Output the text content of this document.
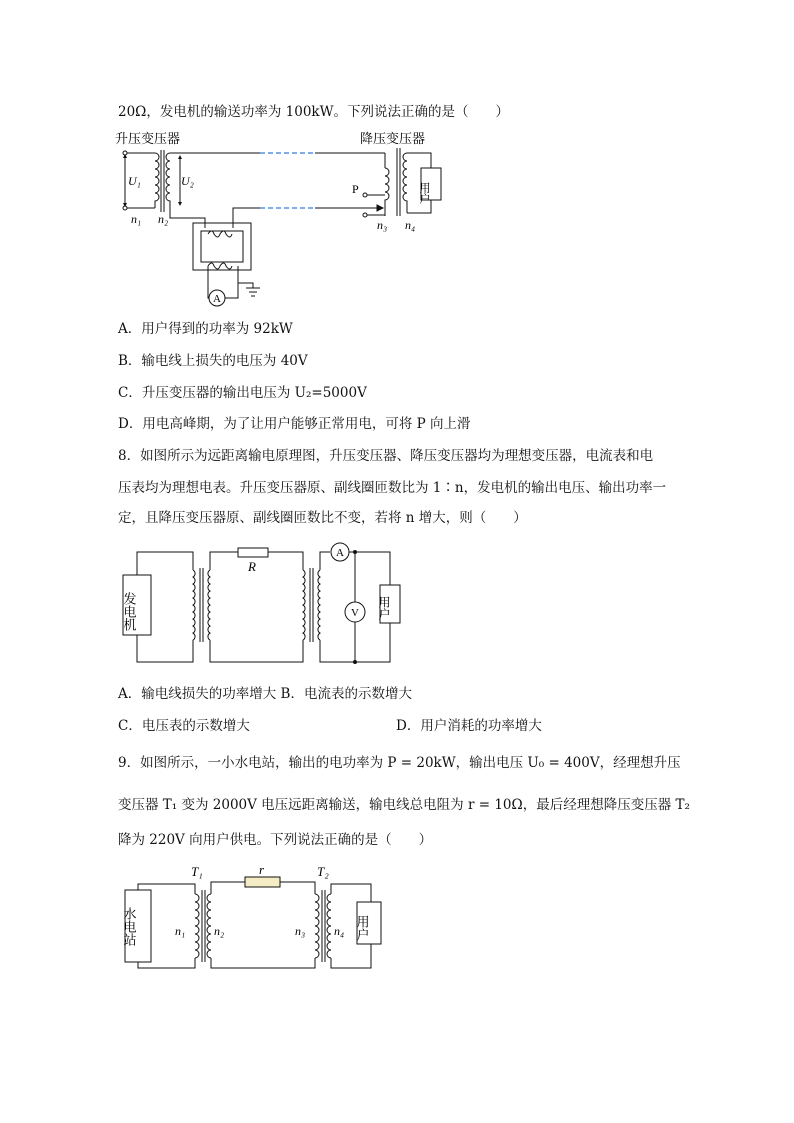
20Ω，发电机的输送功率为 100kW。下列说法正确的是（　　）
升压变压器	降压变压器
U₁	U₂
n₁ n₂
P
n₃ n₄
A
用户
A．用户得到的功率为 92kW
B．输电线上损失的电压为 40V
C．升压变压器的输出电压为 U₂=5000V
D．用电高峰期，为了让用户能够正常用电，可将 P 向上滑
8．如图所示为远距离输电原理图，升压变压器、降压变压器均为理想变压器，电流表和电
压表均为理想电表。升压变压器原、副线圈匝数比为 1∶n，发电机的输出电压、输出功率一
定，且降压变压器原、副线圈匝数比不变，若将 n 增大，则（　　）
发电机
R
A
V 用户
A．输电线损失的功率增大 B．电流表的示数增大
C．电压表的示数增大	D．用户消耗的功率增大
9．如图所示，一小水电站，输出的电功率为 P = 20kW，输出电压 U₀ = 400V，经理想升压
变压器 T₁ 变为 2000V 电压远距离输送，输电线总电阻为 r = 10Ω，最后经理想降压变压器 T₂
降为 220V 向用户供电。下列说法正确的是（　　）
水电站
T₁	T₂
r
n₁ n₂	n₃ n₄ 用户
